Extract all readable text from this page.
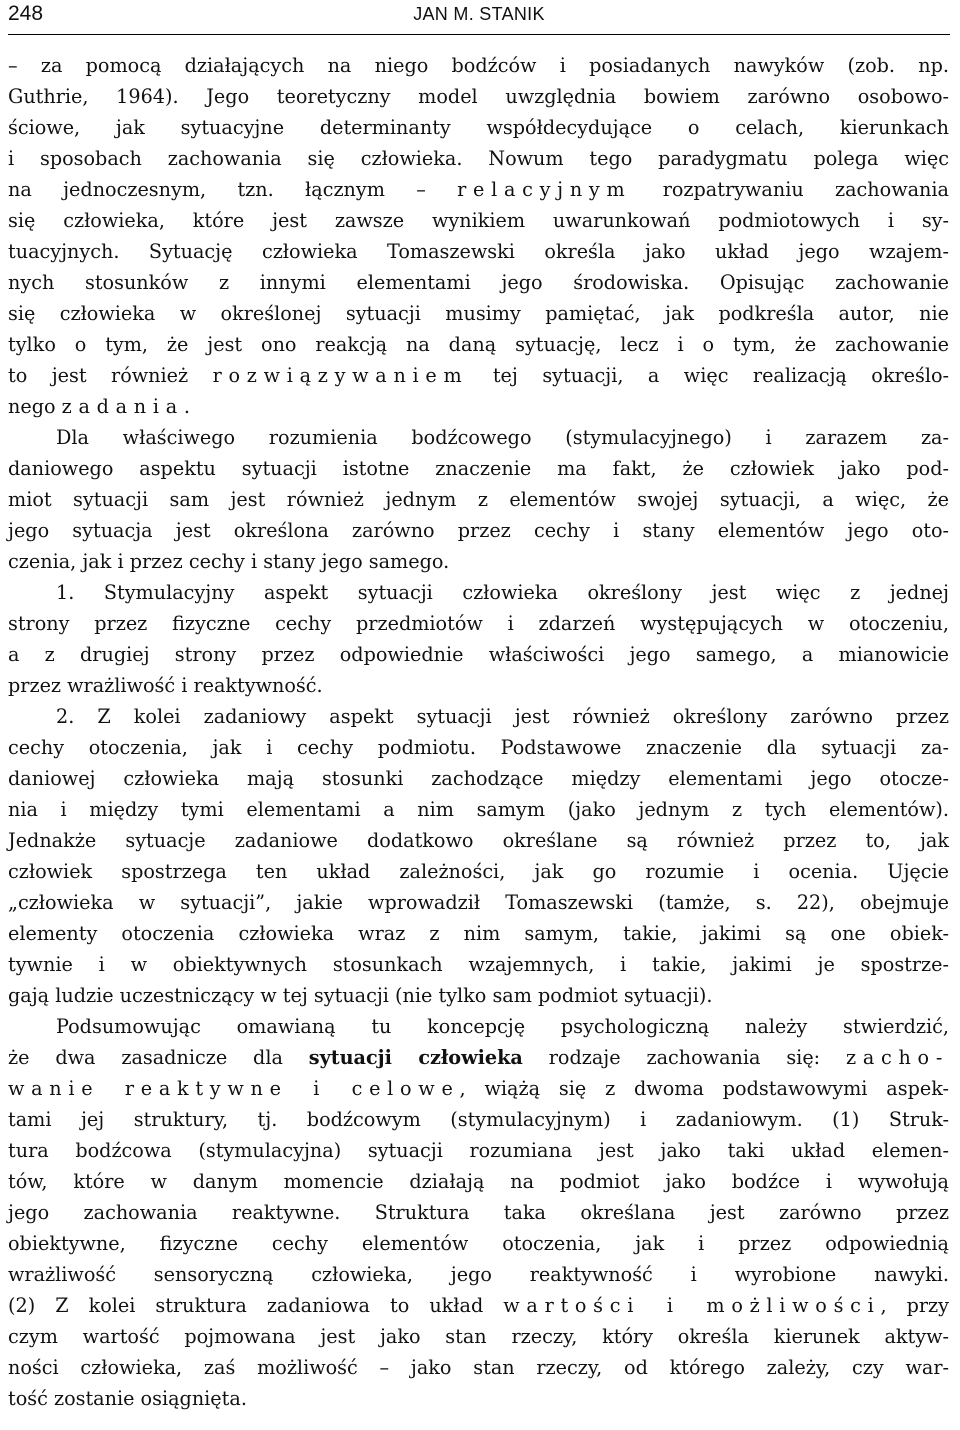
248	JAN M. STANIK
– za pomocą działających na niego bodźców i posiadanych nawyków (zob. np.
Guthrie, 1964). Jego teoretyczny model uwzględnia bowiem zarówno osobowo-
ściowe, jak sytuacyjne determinanty współdecydujące o celach, kierunkach
i sposobach zachowania się człowieka. Nowum tego paradygmatu polega więc
na jednoczesnym, tzn. łącznym – relacyjnym rozpatrywaniu zachowania
się człowieka, które jest zawsze wynikiem uwarunkowań podmiotowych i sy-
tuacyjnych. Sytuację człowieka Tomaszewski określa jako układ jego wzajem-
nych stosunków z innymi elementami jego środowiska. Opisując zachowanie
się człowieka w określonej sytuacji musimy pamiętać, jak podkreśla autor, nie
tylko o tym, że jest ono reakcją na daną sytuację, lecz i o tym, że zachowanie
to jest również rozwiązywaniem tej sytuacji, a więc realizacją określo-
nego zadania.
Dla właściwego rozumienia bodźcowego (stymulacyjnego) i zarazem za-
daniowego aspektu sytuacji istotne znaczenie ma fakt, że człowiek jako pod-
miot sytuacji sam jest również jednym z elementów swojej sytuacji, a więc, że
jego sytuacja jest określona zarówno przez cechy i stany elementów jego oto-
czenia, jak i przez cechy i stany jego samego.
1. Stymulacyjny aspekt sytuacji człowieka określony jest więc z jednej
strony przez fizyczne cechy przedmiotów i zdarzeń występujących w otoczeniu,
a z drugiej strony przez odpowiednie właściwości jego samego, a mianowicie
przez wrażliwość i reaktywność.
2. Z kolei zadaniowy aspekt sytuacji jest również określony zarówno przez
cechy otoczenia, jak i cechy podmiotu. Podstawowe znaczenie dla sytuacji za-
daniowej człowieka mają stosunki zachodzące między elementami jego otocze-
nia i między tymi elementami a nim samym (jako jednym z tych elementów).
Jednakże sytuacje zadaniowe dodatkowo określane są również przez to, jak
człowiek spostrzega ten układ zależności, jak go rozumie i ocenia. Ujęcie
„człowieka w sytuacji”, jakie wprowadził Tomaszewski (tamże, s. 22), obejmuje
elementy otoczenia człowieka wraz z nim samym, takie, jakimi są one obiek-
tywnie i w obiektywnych stosunkach wzajemnych, i takie, jakimi je spostrze-
gają ludzie uczestniczący w tej sytuacji (nie tylko sam podmiot sytuacji).
Podsumowując omawianą tu koncepcję psychologiczną należy stwierdzić,
że dwa zasadnicze dla sytuacji człowieka rodzaje zachowania się: zacho-
wanie reaktywne i celowe, wiążą się z dwoma podstawowymi aspek-
tami jej struktury, tj. bodźcowym (stymulacyjnym) i zadaniowym. (1) Struk-
tura bodźcowa (stymulacyjna) sytuacji rozumiana jest jako taki układ elemen-
tów, które w danym momencie działają na podmiot jako bodźce i wywołują
jego zachowania reaktywne. Struktura taka określana jest zarówno przez
obiektywne, fizyczne cechy elementów otoczenia, jak i przez odpowiednią
wrażliwość sensoryczną człowieka, jego reaktywność i wyrobione nawyki.
(2) Z kolei struktura zadaniowa to układ wartości i możliwości, przy
czym wartość pojmowana jest jako stan rzeczy, który określa kierunek aktyw-
ności człowieka, zaś możliwość – jako stan rzeczy, od którego zależy, czy war-
tość zostanie osiągnięta.
